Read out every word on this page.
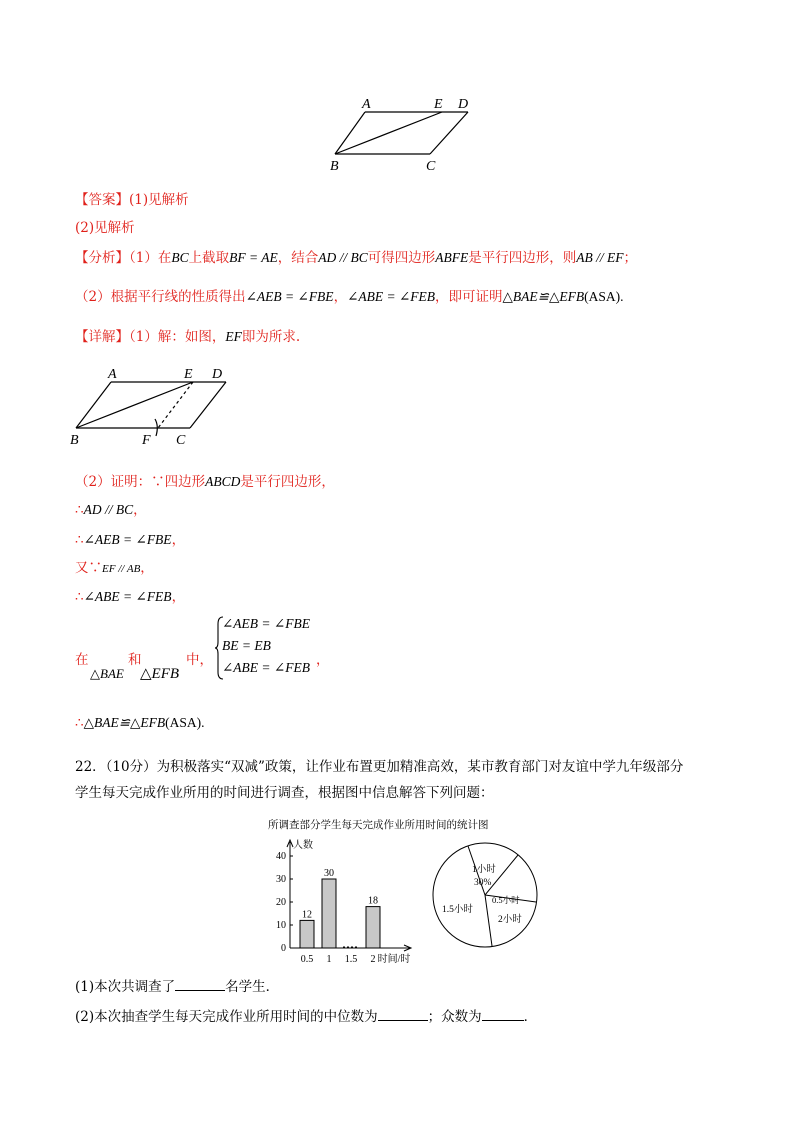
A	E D
B	C
【答案】(1)见解析
(2)见解析
【分析】（1）在BC上截取BF = AE，结合AD // BC可得四边形ABFE是平行四边形，则AB // EF；
（2）根据平行线的性质得出∠AEB = ∠FBE，∠ABE = ∠FEB，即可证明△BAE≌△EFB(ASA).
【详解】（1）解：如图，EF即为所求.
A	E D
B	F C
（2）证明：∵四边形ABCD是平行四边形，
∴AD // BC，
∴∠AEB = ∠FBE，
又∵EF // AB，
∴∠ABE = ∠FEB，
在
△BAE
和
△EFB
中，
∠AEB = ∠FBE
BE = EB
∠ABE = ∠FEB ，
∴△BAE≌△EFB(ASA).
22．（10分）为积极落实“双减”政策，让作业布置更加精准高效，某市教育部门对友谊中学九年级部分
学生每天完成作业所用的时间进行调查，根据图中信息解答下列问题：
所调查部分学生每天完成作业所用时间的统计图
人数
0
10
20
30
40
0.5
12
1
30
1.5 2
18
时间/时
1小时
30%
0.5小时
2小时
1.5小时
(1)本次共调查了	名学生．
(2)本次抽查学生每天完成作业所用时间的中位数为	；众数为	．
